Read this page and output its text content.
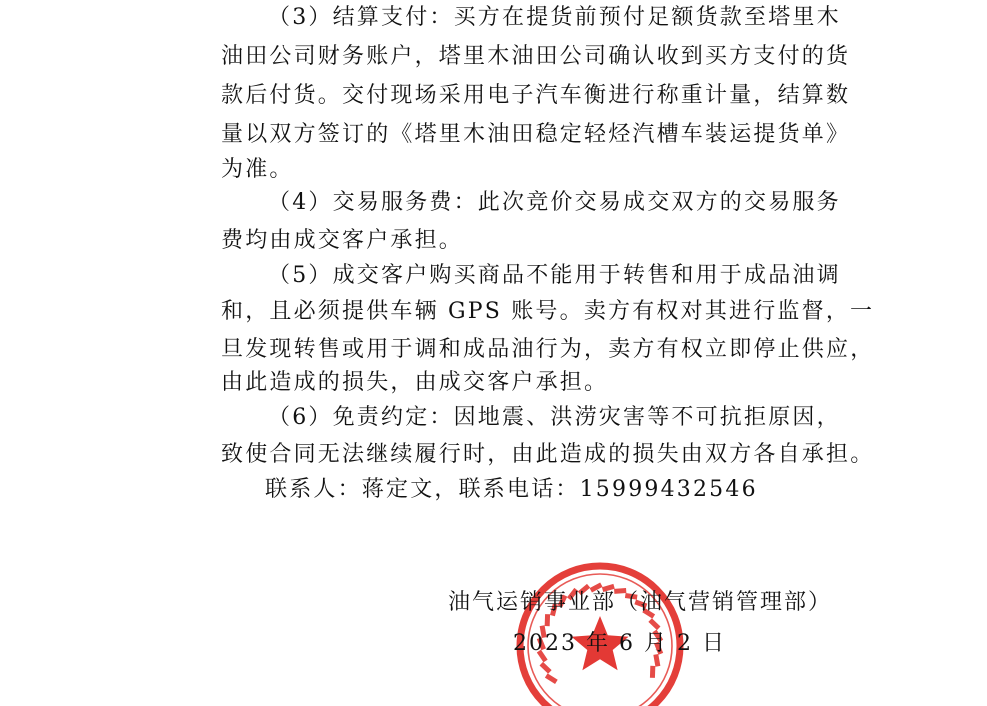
（3）结算支付：买方在提货前预付足额货款至塔里木
油田公司财务账户，塔里木油田公司确认收到买方支付的货
款后付货。交付现场采用电子汽车衡进行称重计量，结算数
量以双方签订的《塔里木油田稳定轻烃汽槽车装运提货单》
为准。
（4）交易服务费：此次竞价交易成交双方的交易服务
费均由成交客户承担。
（5）成交客户购买商品不能用于转售和用于成品油调
和，且必须提供车辆 GPS 账号。卖方有权对其进行监督，一
旦发现转售或用于调和成品油行为，卖方有权立即停止供应，
由此造成的损失，由成交客户承担。
（6）免责约定：因地震、洪涝灾害等不可抗拒原因，
致使合同无法继续履行时，由此造成的损失由双方各自承担。
联系人：蒋定文，联系电话：15999432546
油气运销事业部（油气营销管理部）
2023 年 6 月 2 日
